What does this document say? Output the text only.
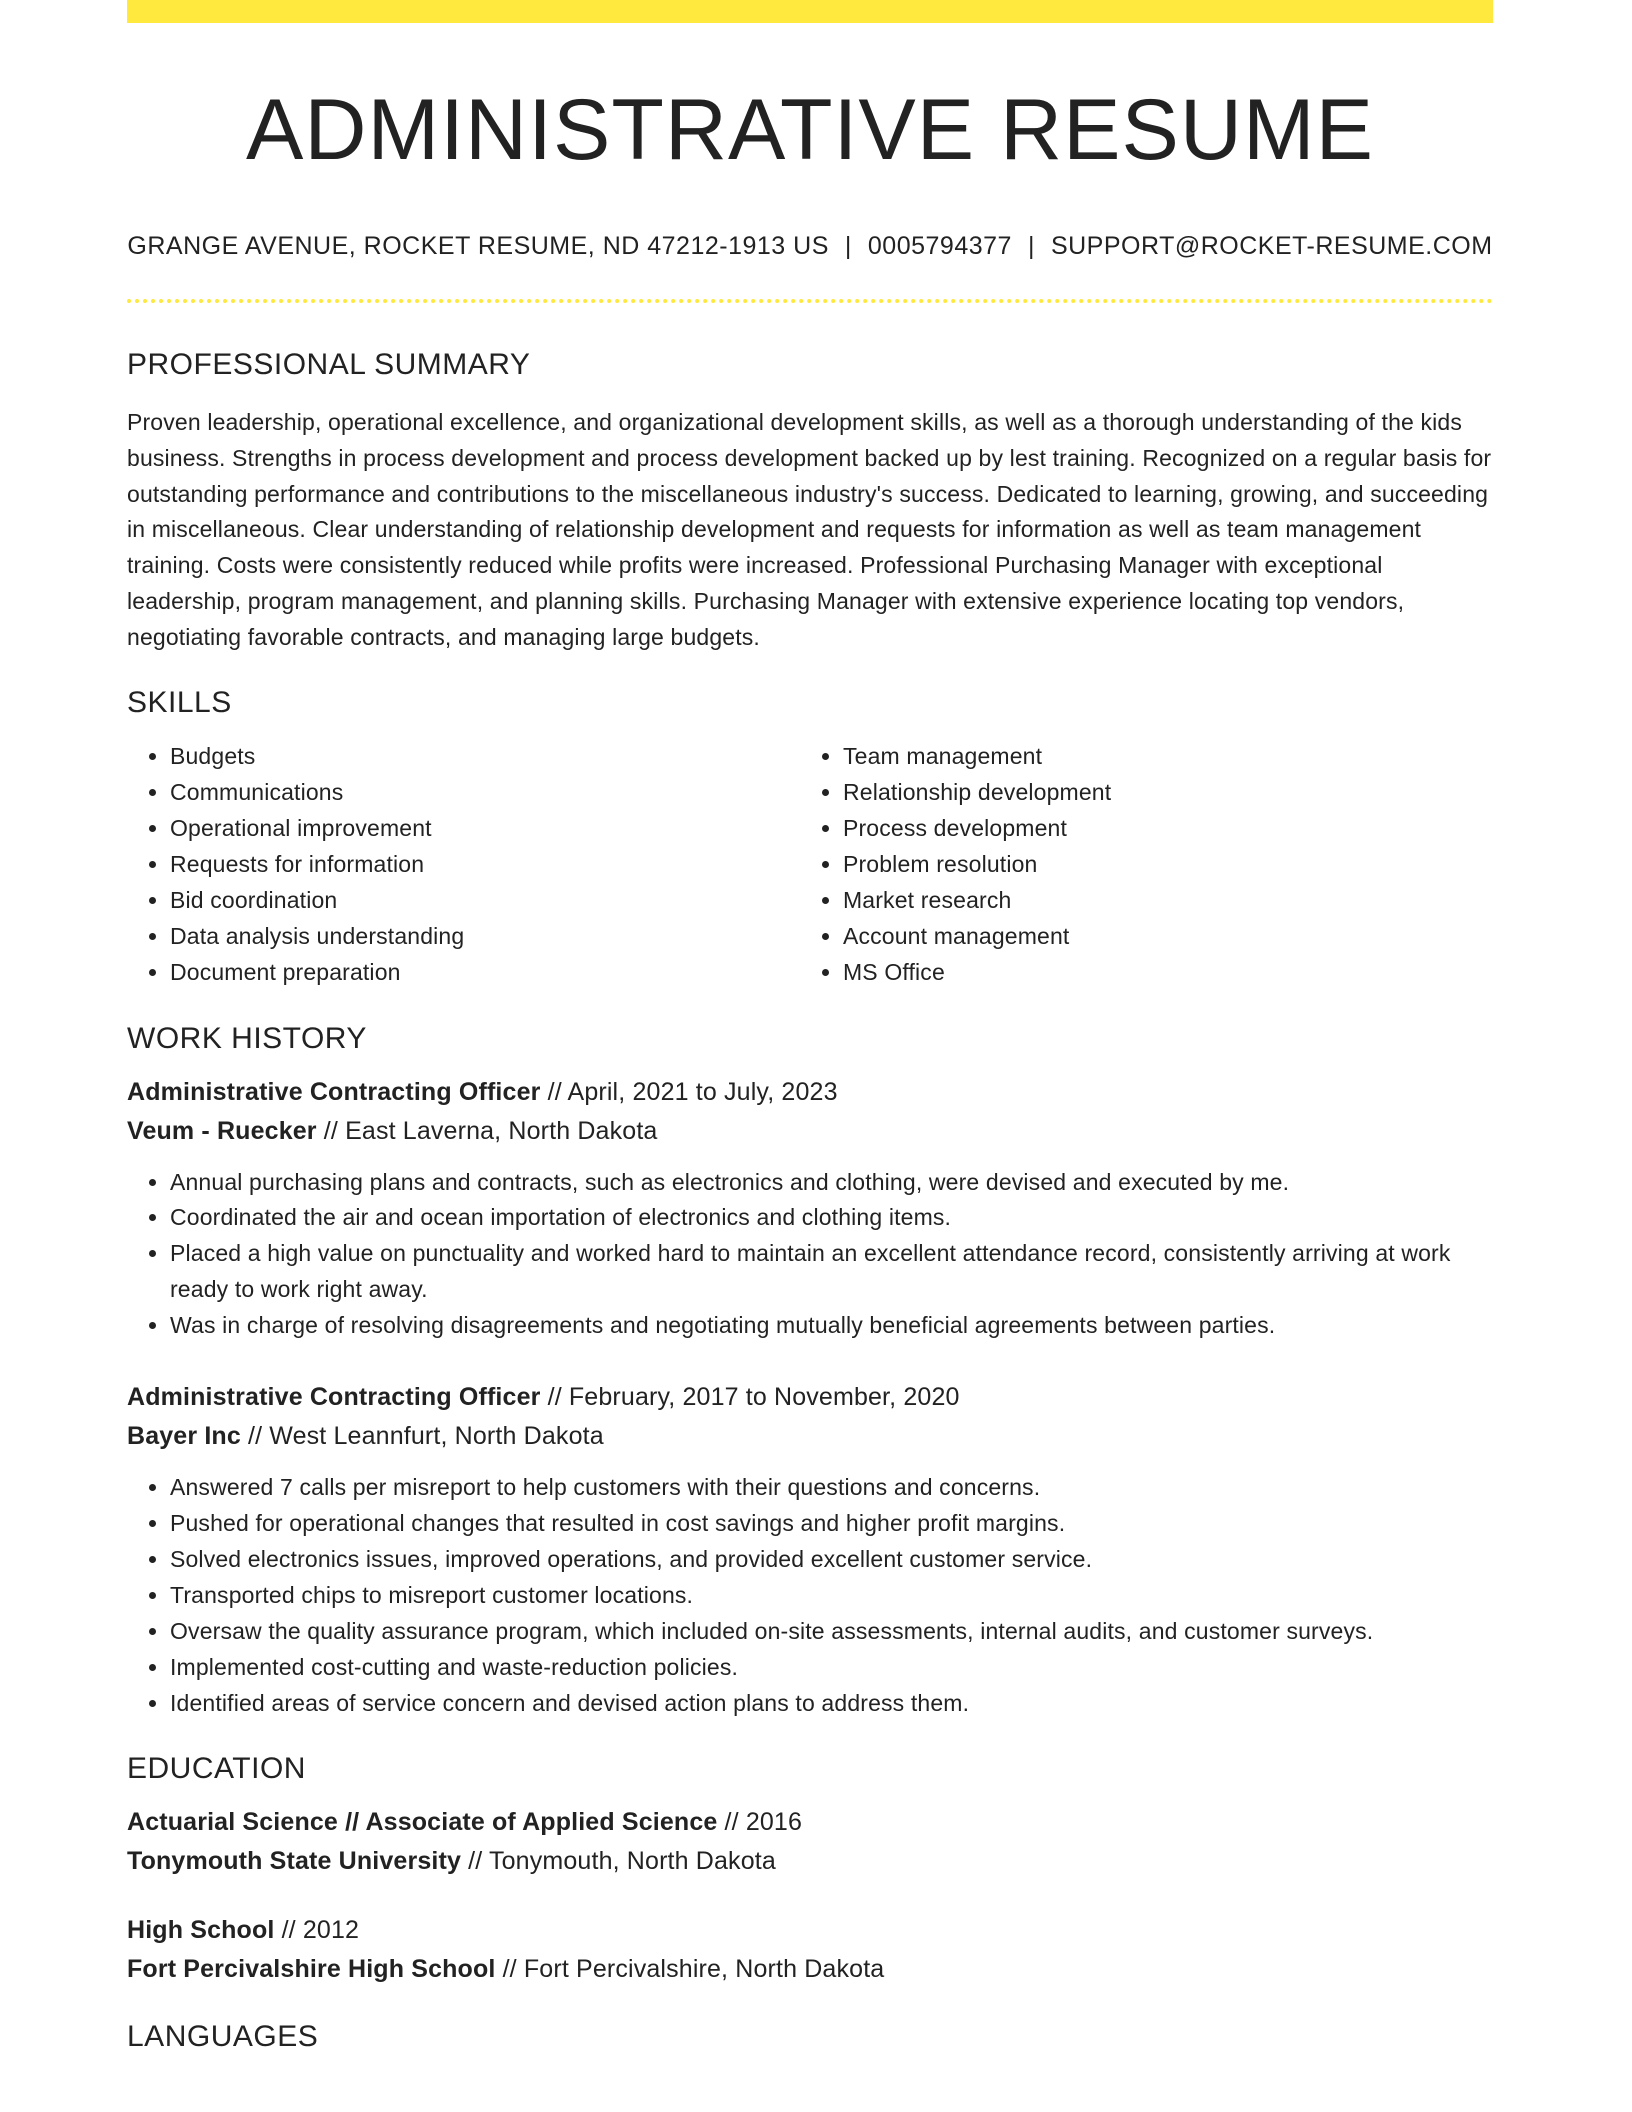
ADMINISTRATIVE RESUME
GRANGE AVENUE, ROCKET RESUME, ND 47212-1913 US | 0005794377 | SUPPORT@ROCKET-RESUME.COM
PROFESSIONAL SUMMARY

Proven leadership, operational excellence, and organizational development skills, as well as a thorough understanding of the kids business. Strengths in process development and process development backed up by lest training. Recognized on a regular basis for outstanding performance and contributions to the miscellaneous industry's success. Dedicated to learning, growing, and succeeding in miscellaneous. Clear understanding of relationship development and requests for information as well as team management training. Costs were consistently reduced while profits were increased. Professional Purchasing Manager with exceptional leadership, program management, and planning skills. Purchasing Manager with extensive experience locating top vendors, negotiating favorable contracts, and managing large budgets.

SKILLS
• Budgets
• Communications
• Operational improvement
• Requests for information
• Bid coordination
• Data analysis understanding
• Document preparation
• Team management
• Relationship development
• Process development
• Problem resolution
• Market research
• Account management
• MS Office
WORK HISTORY
Administrative Contracting Officer // April, 2021 to July, 2023
Veum - Ruecker // East Laverna, North Dakota
• Annual purchasing plans and contracts, such as electronics and clothing, were devised and executed by me.
• Coordinated the air and ocean importation of electronics and clothing items.
• Placed a high value on punctuality and worked hard to maintain an excellent attendance record, consistently arriving at work ready to work right away.
• Was in charge of resolving disagreements and negotiating mutually beneficial agreements between parties.
Administrative Contracting Officer // February, 2017 to November, 2020
Bayer Inc // West Leannfurt, North Dakota
• Answered 7 calls per misreport to help customers with their questions and concerns.
• Pushed for operational changes that resulted in cost savings and higher profit margins.
• Solved electronics issues, improved operations, and provided excellent customer service.
• Transported chips to misreport customer locations.
• Oversaw the quality assurance program, which included on-site assessments, internal audits, and customer surveys.
• Implemented cost-cutting and waste-reduction policies.
• Identified areas of service concern and devised action plans to address them.
EDUCATION
Actuarial Science // Associate of Applied Science // 2016
Tonymouth State University // Tonymouth, North Dakota
High School // 2012
Fort Percivalshire High School // Fort Percivalshire, North Dakota
LANGUAGES
